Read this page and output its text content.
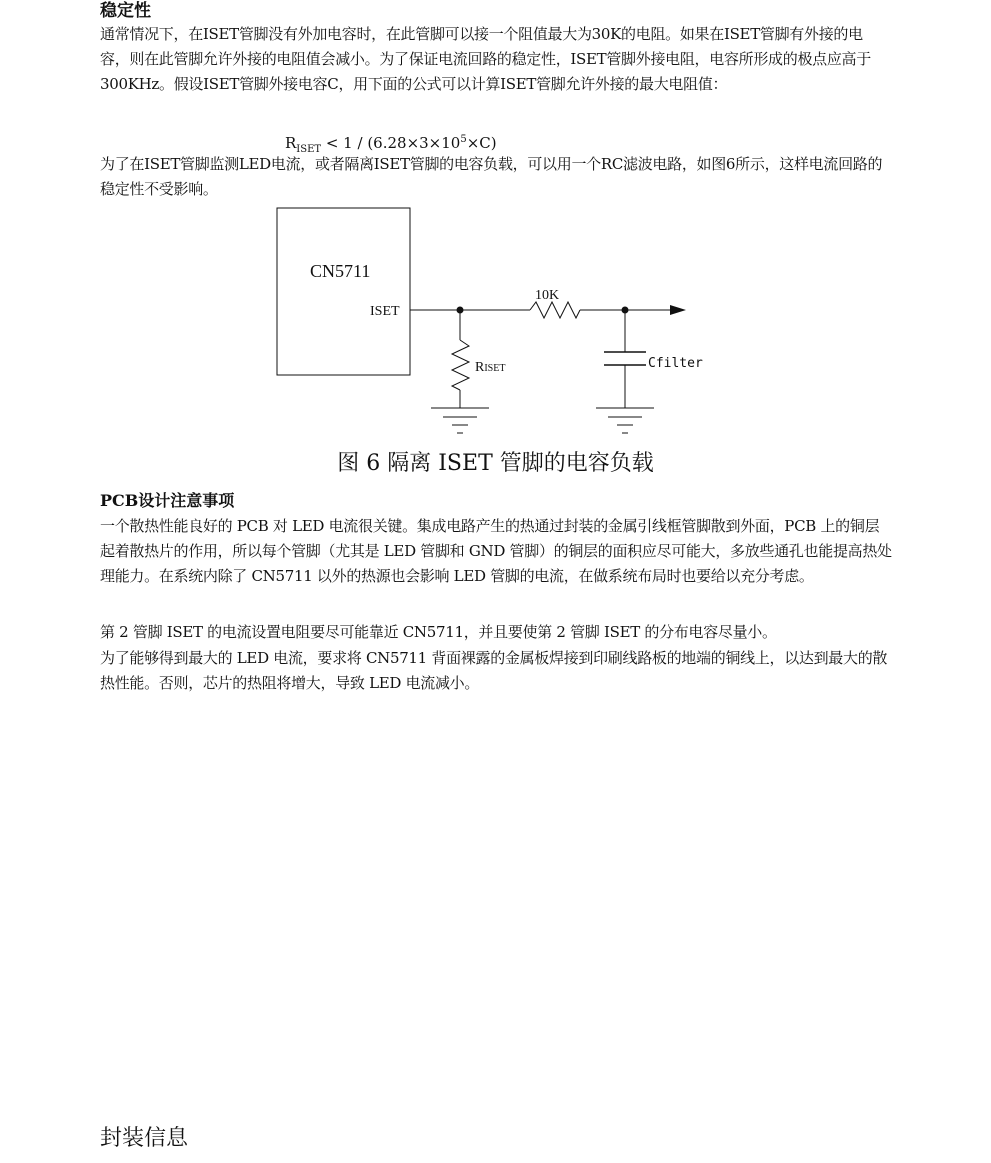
稳定性

通常情况下，在ISET管脚没有外加电容时，在此管脚可以接一个阻值最大为30K的电阻。如果在ISET管脚有外接的电容，则在此管脚允许外接的电阻值会减小。为了保证电流回路的稳定性，ISET管脚外接电阻，电容所形成的极点应高于300KHz。假设ISET管脚外接电容C，用下面的公式可以计算ISET管脚允许外接的最大电阻值：

$R_{ISET} < 1 / (6.28\times 3\times 10^5\times C)$

为了在ISET管脚监测LED电流，或者隔离ISET管脚的电容负载，可以用一个RC滤波电路，如图6所示，这样电流回路的稳定性不受影响。

CN5711
ISET
10K
RISET	Cfilter

图 6 隔离 ISET 管脚的电容负载

PCB设计注意事项

一个散热性能良好的 PCB 对 LED 电流很关键。集成电路产生的热通过封装的金属引线框管脚散到外面，PCB 上的铜层起着散热片的作用，所以每个管脚（尤其是 LED 管脚和 GND 管脚）的铜层的面积应尽可能大，多放些通孔也能提高热处理能力。在系统内除了 CN5711 以外的热源也会影响 LED 管脚的电流，在做系统布局时也要给以充分考虑。

第 2 管脚 ISET 的电流设置电阻要尽可能靠近 CN5711，并且要使第 2 管脚 ISET 的分布电容尽量小。

为了能够得到最大的 LED 电流，要求将 CN5711 背面裸露的金属板焊接到印刷线路板的地端的铜线上，以达到最大的散热性能。否则，芯片的热阻将增大，导致 LED 电流减小。

封装信息
